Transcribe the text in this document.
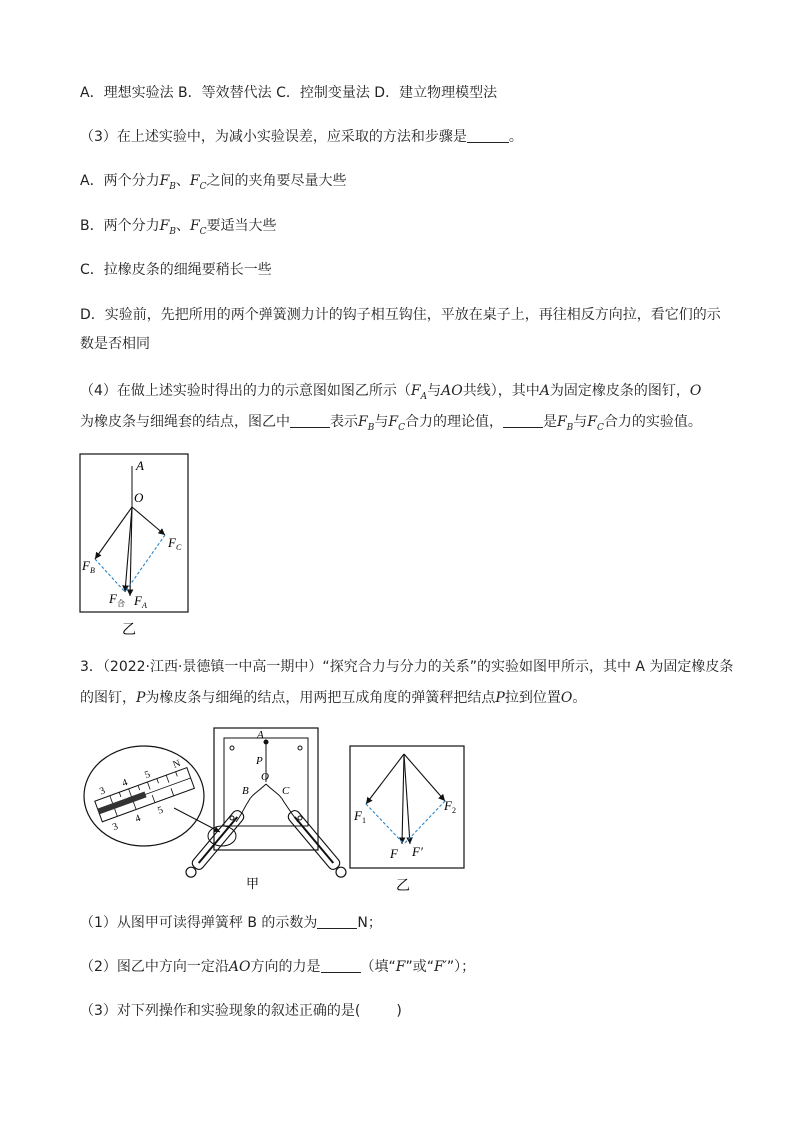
A．理想实验法 B．等效替代法 C．控制变量法 D．建立物理模型法
（3）在上述实验中，为减小实验误差，应采取的方法和步骤是	。
A．两个分力$F_B$、$F_C$之间的夹角要尽量大些
B．两个分力$F_B$、$F_C$要适当大些
C．拉橡皮条的细绳要稍长一些
D．实验前，先把所用的两个弹簧测力计的钩子相互钩住，平放在桌子上，再往相反方向拉，看它们的示
数是否相同
（4）在做上述实验时得出的力的示意图如图乙所示（$F_A$与AO共线），其中A为固定橡皮条的图钉，O
为橡皮条与细绳套的结点，图乙中	表示$F_B$与$F_C$合力的理论值，	是$F_B$与$F_C$合力的实验值。
A
O
$F_B$
$F_C$
$F_合$ $F_A$
乙
3．（2022·江西·景德镇一中高一期中）“探究合力与分力的关系”的实验如图甲所示，其中 A 为固定橡皮条
的图钉，P为橡皮条与细绳的结点，用两把互成角度的弹簧秤把结点P拉到位置O。
3
4
5
N
3
4
5
A
P
O
B	C
甲
$F_1$
$F_2$
F F′
乙
（1）从图甲可读得弹簧秤 B 的示数为	N；
（2）图乙中方向一定沿AO方向的力是	（填“F”或“F′”）；
（3）对下列操作和实验现象的叙述正确的是(	)
